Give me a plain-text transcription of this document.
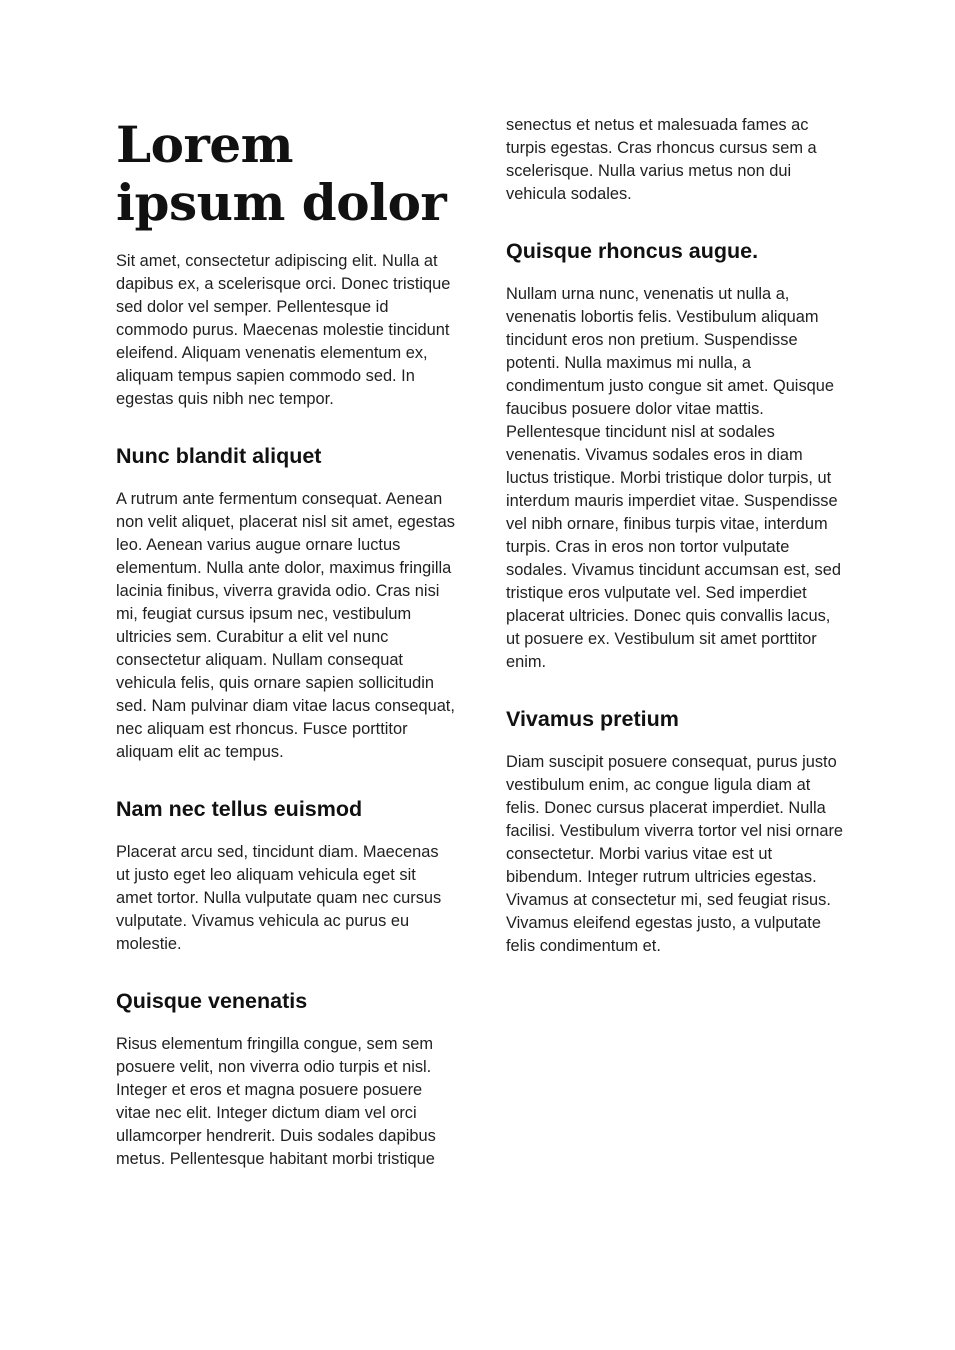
Lorem ipsum dolor

Sit amet, consectetur adipiscing elit. Nulla at dapibus ex, a scelerisque orci. Donec tristique sed dolor vel semper. Pellentesque id commodo purus. Maecenas molestie tincidunt eleifend. Aliquam venenatis elementum ex, aliquam tempus sapien commodo sed. In egestas quis nibh nec tempor.

Nunc blandit aliquet

A rutrum ante fermentum consequat. Aenean non velit aliquet, placerat nisl sit amet, egestas leo. Aenean varius augue ornare luctus elementum. Nulla ante dolor, maximus fringilla lacinia finibus, viverra gravida odio. Cras nisi mi, feugiat cursus ipsum nec, vestibulum ultricies sem. Curabitur a elit vel nunc consectetur aliquam. Nullam consequat vehicula felis, quis ornare sapien sollicitudin sed. Nam pulvinar diam vitae lacus consequat, nec aliquam est rhoncus. Fusce porttitor aliquam elit ac tempus.

Nam nec tellus euismod

Placerat arcu sed, tincidunt diam. Maecenas ut justo eget leo aliquam vehicula eget sit amet tortor. Nulla vulputate quam nec cursus vulputate. Vivamus vehicula ac purus eu molestie.

Quisque venenatis

Risus elementum fringilla congue, sem sem posuere velit, non viverra odio turpis et nisl. Integer et eros et magna posuere posuere vitae nec elit. Integer dictum diam vel orci ullamcorper hendrerit. Duis sodales dapibus metus. Pellentesque habitant morbi tristique

senectus et netus et malesuada fames ac turpis egestas. Cras rhoncus cursus sem a scelerisque. Nulla varius metus non dui vehicula sodales.

Quisque rhoncus augue.

Nullam urna nunc, venenatis ut nulla a, venenatis lobortis felis. Vestibulum aliquam tincidunt eros non pretium. Suspendisse potenti. Nulla maximus mi nulla, a condimentum justo congue sit amet. Quisque faucibus posuere dolor vitae mattis. Pellentesque tincidunt nisl at sodales venenatis. Vivamus sodales eros in diam luctus tristique. Morbi tristique dolor turpis, ut interdum mauris imperdiet vitae. Suspendisse vel nibh ornare, finibus turpis vitae, interdum turpis. Cras in eros non tortor vulputate sodales. Vivamus tincidunt accumsan est, sed tristique eros vulputate vel. Sed imperdiet placerat ultricies. Donec quis convallis lacus, ut posuere ex. Vestibulum sit amet porttitor enim.

Vivamus pretium

Diam suscipit posuere consequat, purus justo vestibulum enim, ac congue ligula diam at felis. Donec cursus placerat imperdiet. Nulla facilisi. Vestibulum viverra tortor vel nisi ornare consectetur. Morbi varius vitae est ut bibendum. Integer rutrum ultricies egestas. Vivamus at consectetur mi, sed feugiat risus. Vivamus eleifend egestas justo, a vulputate felis condimentum et.
